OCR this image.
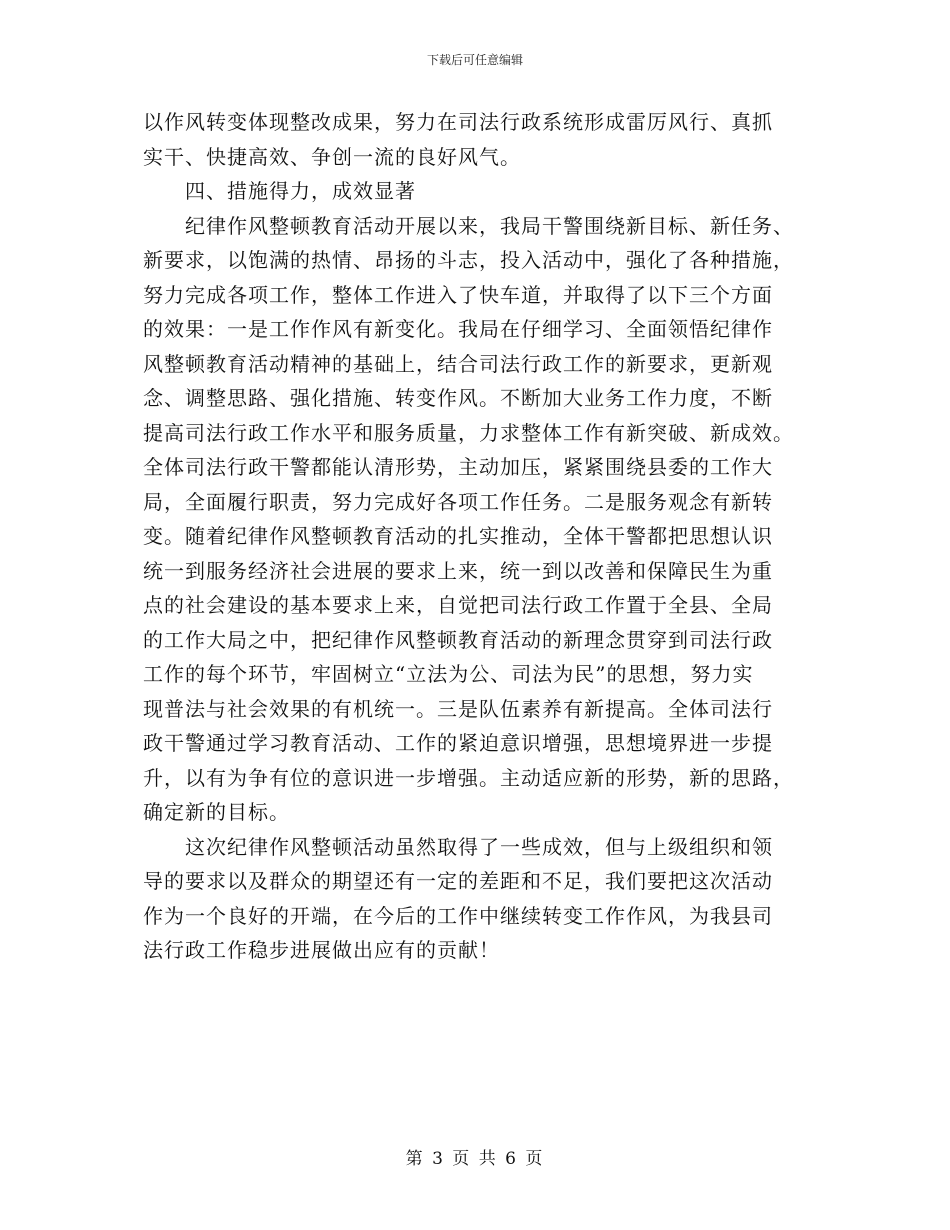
下载后可任意编辑
以作风转变体现整改成果，努力在司法行政系统形成雷厉风行、真抓
实干、快捷高效、争创一流的良好风气。
四、措施得力，成效显著
纪律作风整顿教育活动开展以来，我局干警围绕新目标、新任务、
新要求，以饱满的热情、昂扬的斗志，投入活动中，强化了各种措施，
努力完成各项工作，整体工作进入了快车道，并取得了以下三个方面
的效果：一是工作作风有新变化。我局在仔细学习、全面领悟纪律作
风整顿教育活动精神的基础上，结合司法行政工作的新要求，更新观
念、调整思路、强化措施、转变作风。不断加大业务工作力度，不断
提高司法行政工作水平和服务质量，力求整体工作有新突破、新成效。
全体司法行政干警都能认清形势，主动加压，紧紧围绕县委的工作大
局，全面履行职责，努力完成好各项工作任务。二是服务观念有新转
变。随着纪律作风整顿教育活动的扎实推动，全体干警都把思想认识
统一到服务经济社会进展的要求上来，统一到以改善和保障民生为重
点的社会建设的基本要求上来，自觉把司法行政工作置于全县、全局
的工作大局之中，把纪律作风整顿教育活动的新理念贯穿到司法行政
工作的每个环节，牢固树立“立法为公、司法为民”的思想，努力实
现普法与社会效果的有机统一。三是队伍素养有新提高。全体司法行
政干警通过学习教育活动、工作的紧迫意识增强，思想境界进一步提
升，以有为争有位的意识进一步增强。主动适应新的形势，新的思路，
确定新的目标。
这次纪律作风整顿活动虽然取得了一些成效，但与上级组织和领
导的要求以及群众的期望还有一定的差距和不足，我们要把这次活动
作为一个良好的开端，在今后的工作中继续转变工作作风，为我县司
法行政工作稳步进展做出应有的贡献！
第 3 页 共 6 页
